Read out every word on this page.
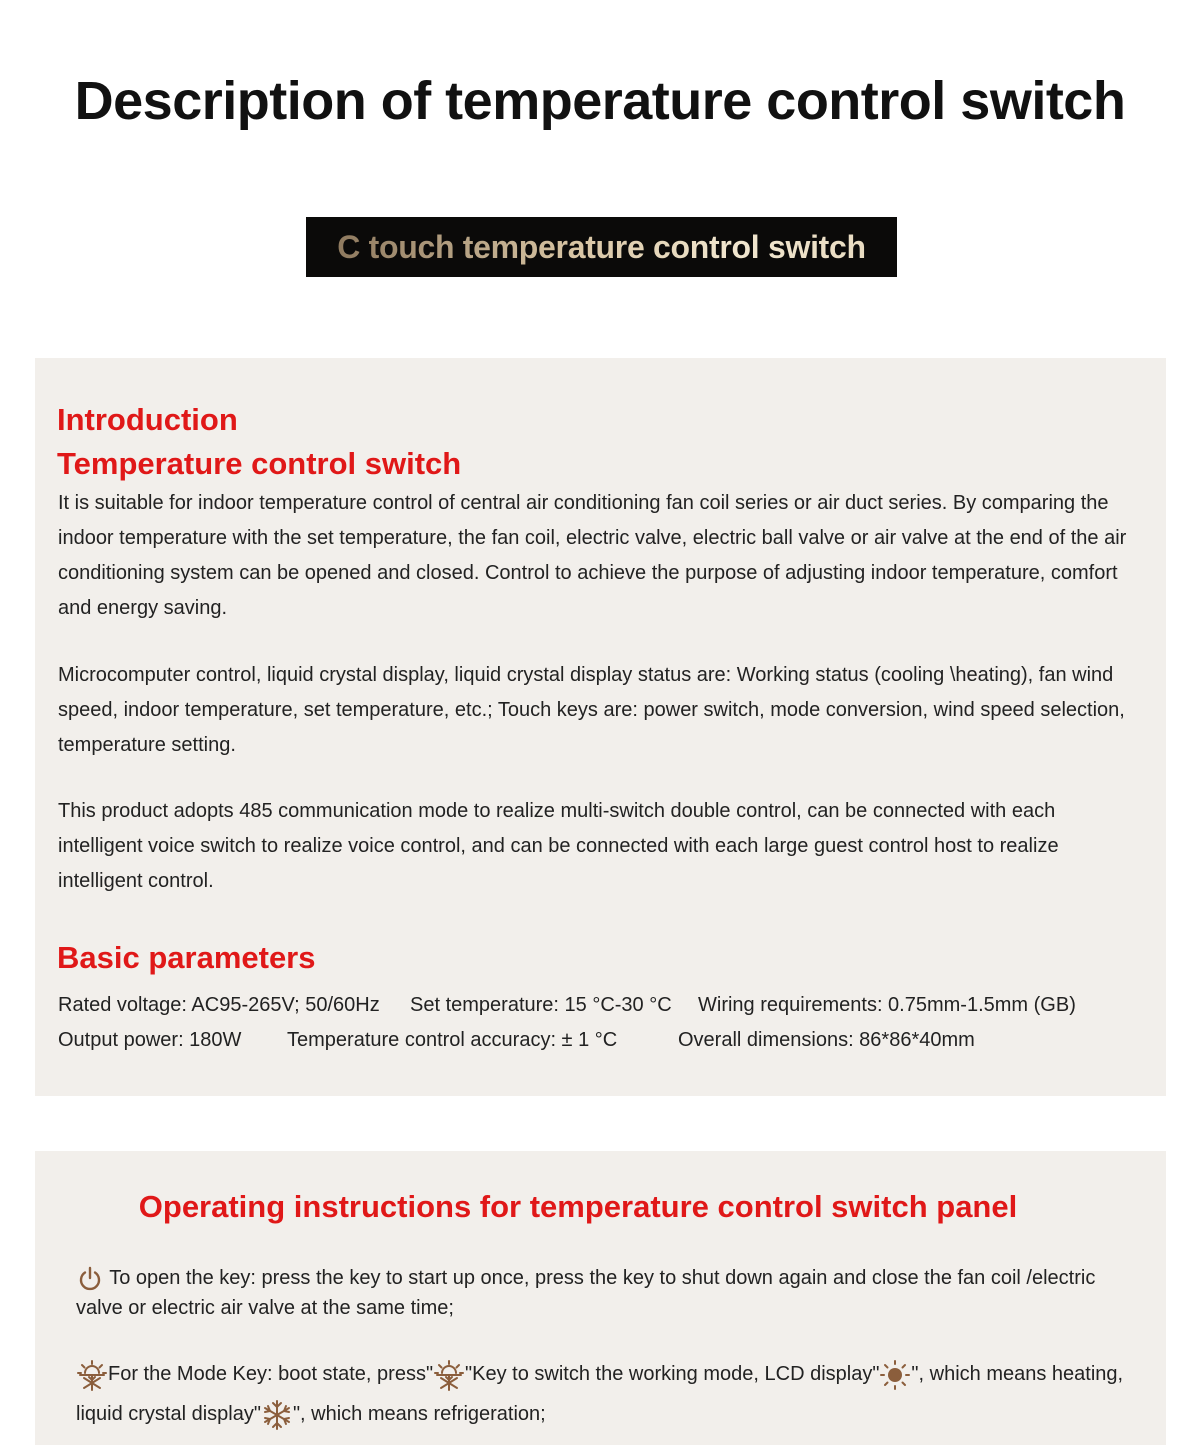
Description of temperature control switch
C touch temperature control switch
Introduction
Temperature control switch

It is suitable for indoor temperature control of central air conditioning fan coil series or air duct series. By comparing the indoor temperature with the set temperature, the fan coil, electric valve, electric ball valve or air valve at the end of the air conditioning system can be opened and closed. Control to achieve the purpose of adjusting indoor temperature, comfort and energy saving.

Microcomputer control, liquid crystal display, liquid crystal display status are: Working status (cooling \heating), fan wind speed, indoor temperature, set temperature, etc.; Touch keys are: power switch, mode conversion, wind speed selection, temperature setting.

This product adopts 485 communication mode to realize multi-switch double control, can be connected with each intelligent voice switch to realize voice control, and can be connected with each large guest control host to realize intelligent control.

Basic parameters
Rated voltage: AC95-265V; 50/60Hz Set temperature: 15 °C-30 °C Wiring requirements: 0.75mm-1.5mm (GB)
Output power: 180W Temperature control accuracy: ± 1 °C	Overall dimensions: 86*86*40mm
Operating instructions for temperature control switch panel

To open the key: press the key to start up once, press the key to shut down again and close the fan coil /electric valve or electric air valve at the same time;

For the Mode Key: boot state, press" "Key to switch the working mode, LCD display" ", which means heating, liquid crystal display" ", which means refrigeration;
